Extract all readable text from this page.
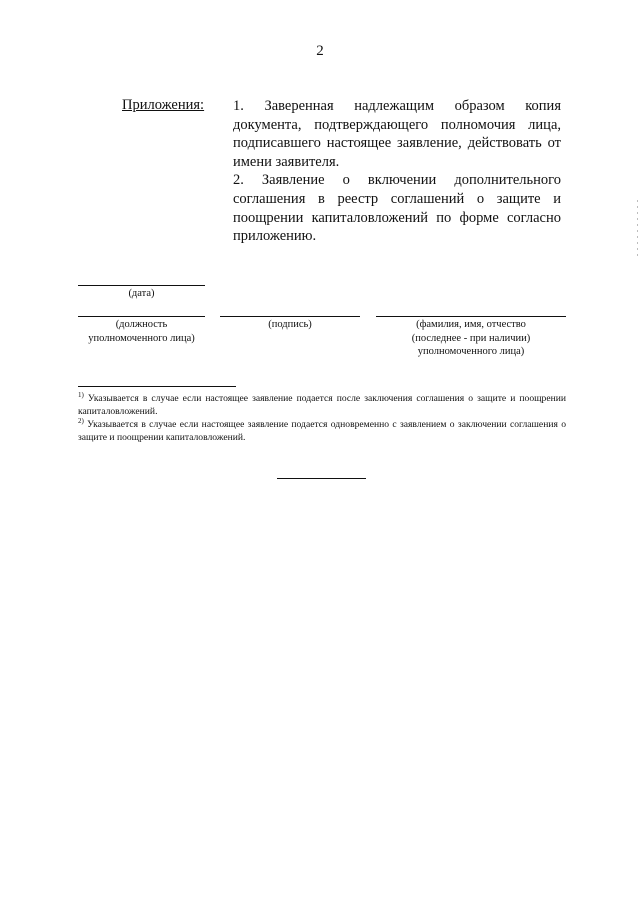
2
Приложения: 1. Заверенная надлежащим образом копия документа, подтверждающего полномочия лица, подписавшего настоящее заявление, действовать от имени заявителя.

2. Заявление о включении дополнительного соглашения в реестр соглашений о защите и поощрении капиталовложений по форме согласно приложению.

(дата)
(должность
уполномоченного лица)
(подпись)	(фамилия, имя, отчество
(последнее - при наличии)
уполномоченного лица)

$^{1)}$ Указывается в случае если настоящее заявление подается после заключения соглашения о защите и поощрении капиталовложений.

$^{2)}$ Указывается в случае если настоящее заявление подается одновременно с заявлением о заключении соглашения о защите и поощрении капиталовложений.
